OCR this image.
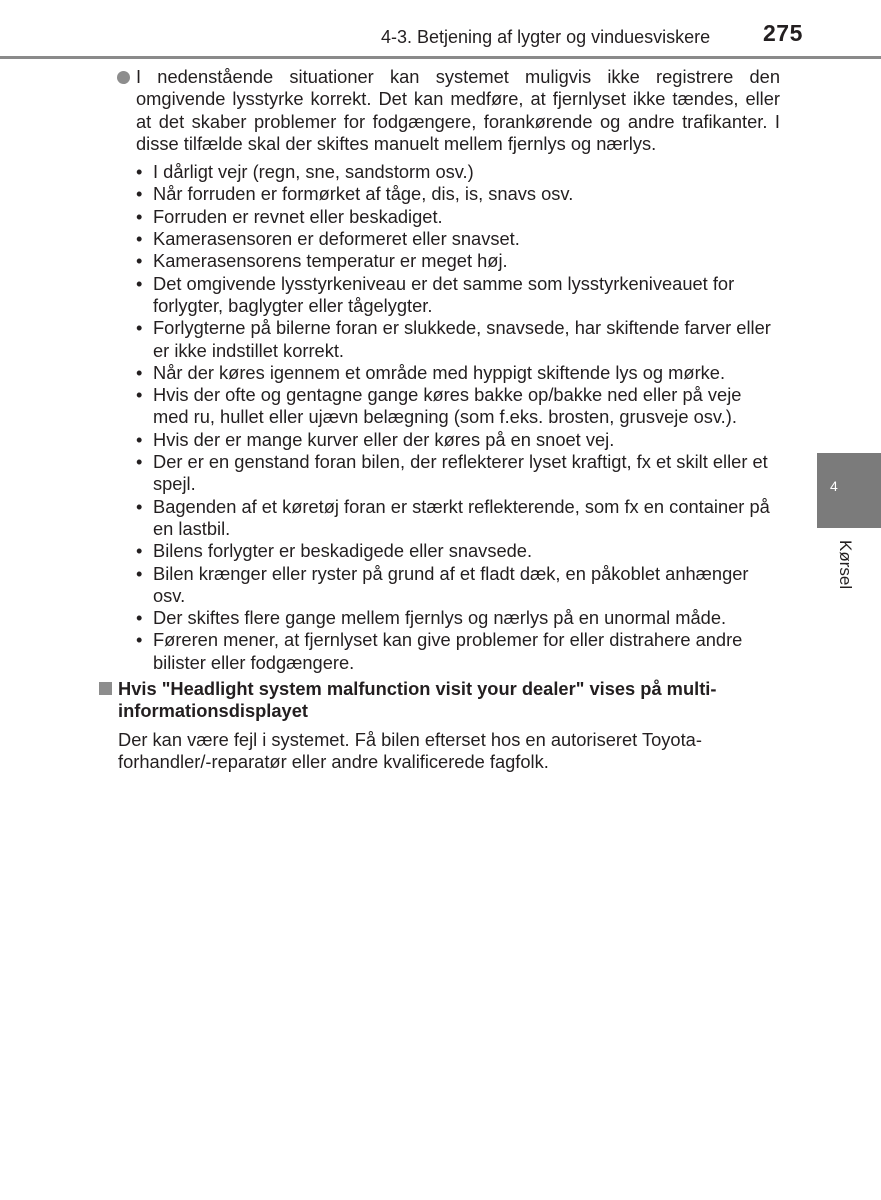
4-3. Betjening af lygter og vinduesviskere 275
4
Kørsel
I nedenstående situationer kan systemet muligvis ikke registrere den omgivende lysstyrke korrekt. Det kan medføre, at fjernlyset ikke tændes, eller at det skaber problemer for fodgængere, forankørende og andre trafikanter. I disse tilfælde skal der skiftes manuelt mellem fjernlys og nærlys.
• I dårligt vejr (regn, sne, sandstorm osv.)
• Når forruden er formørket af tåge, dis, is, snavs osv.
• Forruden er revnet eller beskadiget.
• Kamerasensoren er deformeret eller snavset.
• Kamerasensorens temperatur er meget høj.
• Det omgivende lysstyrkeniveau er det samme som lysstyrkeniveauet for forlygter, baglygter eller tågelygter.
• Forlygterne på bilerne foran er slukkede, snavsede, har skiftende farver eller er ikke indstillet korrekt.
• Når der køres igennem et område med hyppigt skiftende lys og mørke.
• Hvis der ofte og gentagne gange køres bakke op/bakke ned eller på veje med ru, hullet eller ujævn belægning (som f.eks. brosten, grusveje osv.).
• Hvis der er mange kurver eller der køres på en snoet vej.
• Der er en genstand foran bilen, der reflekterer lyset kraftigt, fx et skilt eller et spejl.
• Bagenden af et køretøj foran er stærkt reflekterende, som fx en container på en lastbil.
• Bilens forlygter er beskadigede eller snavsede.
• Bilen krænger eller ryster på grund af et fladt dæk, en påkoblet anhænger osv.
• Der skiftes flere gange mellem fjernlys og nærlys på en unormal måde.
• Føreren mener, at fjernlyset kan give problemer for eller distrahere andre bilister eller fodgængere.
Hvis "Headlight system malfunction visit your dealer" vises på multi-informationsdisplayet
Der kan være fejl i systemet. Få bilen efterset hos en autoriseret Toyota-forhandler/-reparatør eller andre kvalificerede fagfolk.
